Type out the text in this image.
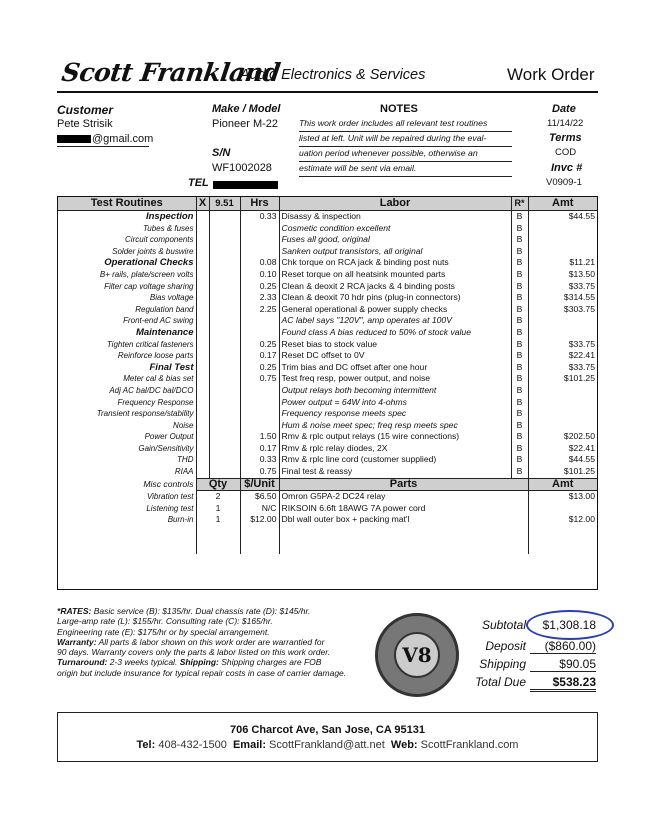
Scott Frankland
Audio Electronics & Services	Work Order
Customer
Pete Strisik
@gmail.com
TEL
Make / Model
Pioneer M-22
S/N
WF1002028
NOTES
This work order includes all relevant test routines
listed at left. Unit will be repaired during the eval-
uation period whenever possible, otherwise an
estimate will be sent via email.
Date
11/14/22
Terms
COD
Invc #
V0909-1
Test Routines	X	9.51	Hrs	Labor	R*	Amt
Inspection			0.33	Disassy & inspection	B	$44.55
Tubes & fuses				Cosmetic condition excellent	B	
Circuit components				Fuses all good, original	B	
Solder joints & buswire				Sanken output transistors, all original	B	
Operational Checks			0.08	Chk torque on RCA jack & binding post nuts	B	$11.21
B+ rails, plate/screen volts			0.10	Reset torque on all heatsink mounted parts	B	$13.50
Filter cap voltage sharing			0.25	Clean & deoxit 2 RCA jacks & 4 binding posts	B	$33.75
Bias voltage			2.33	Clean & deoxit 70 hdr pins (plug-in connectors)	B	$314.55
Regulation band			2.25	General operational & power supply checks	B	$303.75
Front-end AC swing				AC label says "120V", amp operates at 100V	B	
Maintenance				Found class A bias reduced to 50% of stock value	B	
Tighten critical fasteners			0.25	Reset bias to stock value	B	$33.75
Reinforce loose parts			0.17	Reset DC offset to 0V	B	$22.41
Final Test			0.25	Trim bias and DC offset after one hour	B	$33.75
Meter cal & bias set			0.75	Test freq resp, power output, and noise	B	$101.25
Adj AC bal/DC bal/DCO				Output relays both becoming intermittent	B	
Frequency Response				Power output = 64W into 4-ohms	B	
Transient response/stability				Frequency response meets spec	B	
Noise				Hum & noise meet spec; freq resp meets spec	B	
Power Output			1.50	Rmv & rplc output relays (15 wire connections)	B	$202.50
Gain/Sensitivity			0.17	Rmv & rplc relay diodes, 2X	B	$22.41
THD			0.33	Rmv & rplc line cord (customer supplied)	B	$44.55
RIAA			0.75	Final test & reassy	B	$101.25
Misc controls	Qty		$/Unit	Parts		Amt
Vibration test	2		$6.50	Omron G5PA-2 DC24 relay		$13.00
Listening test	1		N/C	RIKSOIN 6.6ft 18AWG 7A power cord		
Burn-in	1		$12.00	Dbl wall outer box + packing mat'l		$12.00

*RATES: Basic service (B): $135/hr. Dual chassis rate (D): $145/hr.
Large-amp rate (L): $155/hr. Consulting rate (C): $165/hr.
Engineering rate (E): $175/hr or by special arrangement.
Warranty: All parts & labor shown on this work order are warrantied for
90 days. Warranty covers only the parts & labor listed on this work order.
Turnaround: 2-3 weeks typical. Shipping: Shipping charges are FOB
origin but include insurance for typical repair costs in case of carrier damage.
V8
Subtotal	$1,308.18
Deposit	($860.00)
Shipping	$90.05
Total Due	$538.23
706 Charcot Ave, San Jose, CA 95131
Tel: 408-432-1500 Email: ScottFrankland@att.net Web: ScottFrankland.com
